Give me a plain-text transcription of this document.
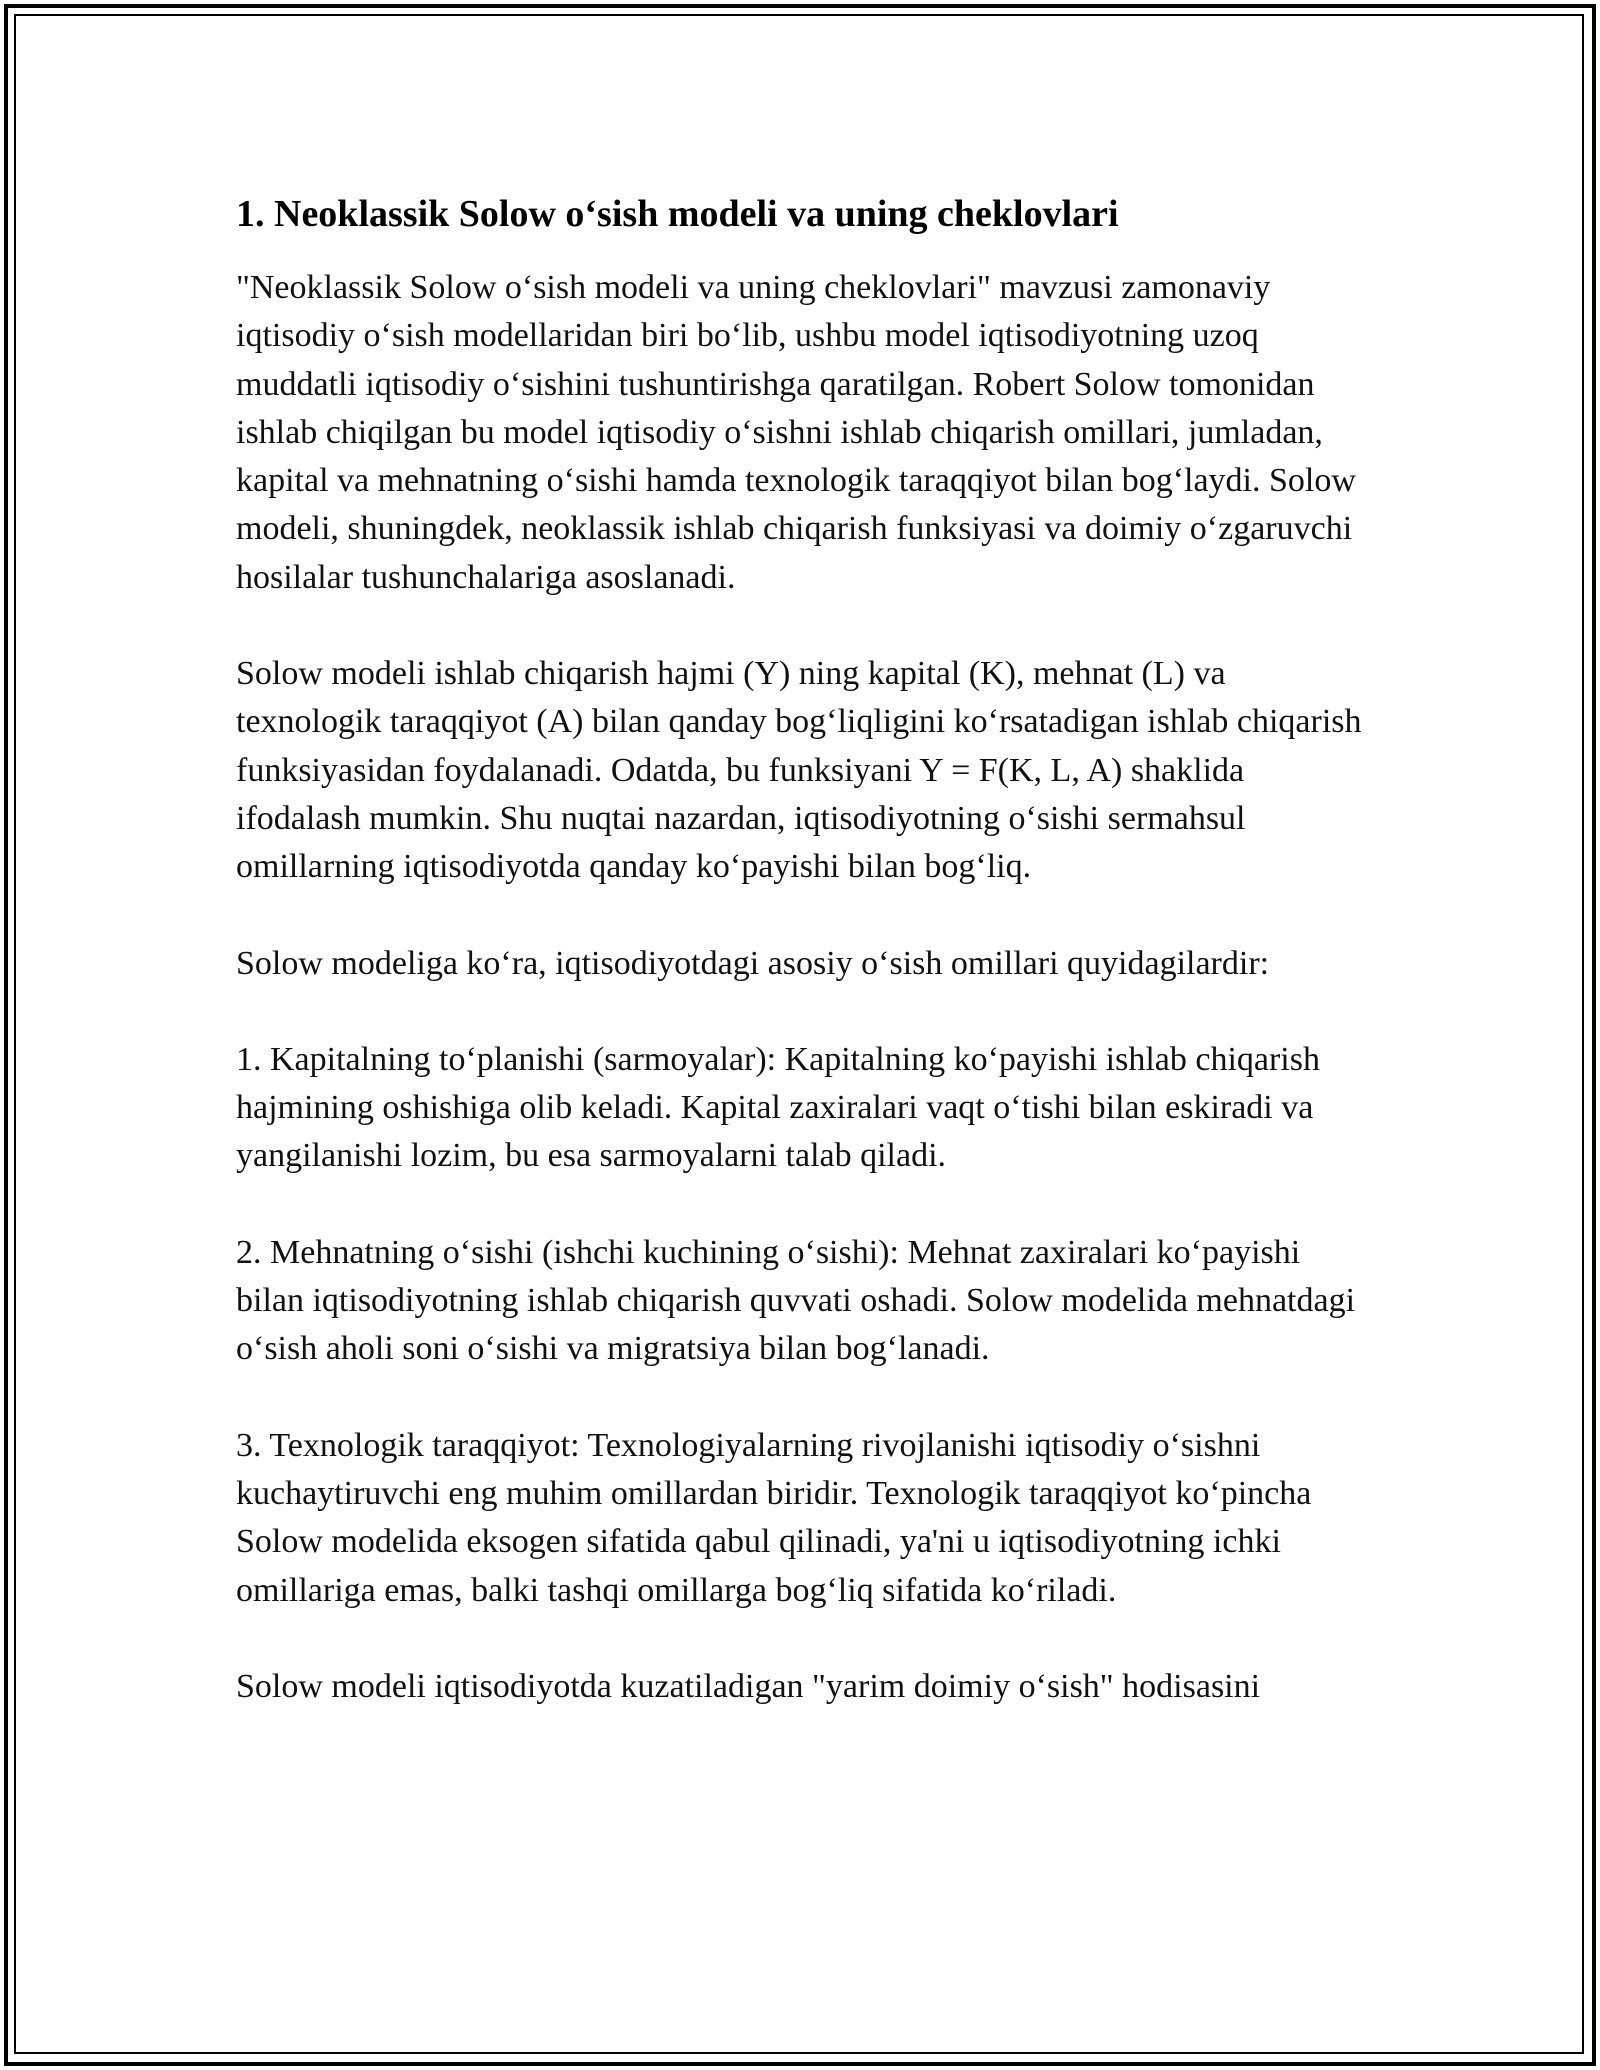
1. Neoklassik Solow o‘sish modeli va uning cheklovlari

"Neoklassik Solow o‘sish modeli va uning cheklovlari" mavzusi zamonaviy iqtisodiy o‘sish modellaridan biri bo‘lib, ushbu model iqtisodiyotning uzoq muddatli iqtisodiy o‘sishini tushuntirishga qaratilgan. Robert Solow tomonidan ishlab chiqilgan bu model iqtisodiy o‘sishni ishlab chiqarish omillari, jumladan, kapital va mehnatning o‘sishi hamda texnologik taraqqiyot bilan bog‘laydi. Solow modeli, shuningdek, neoklassik ishlab chiqarish funksiyasi va doimiy o‘zgaruvchi hosilalar tushunchalariga asoslanadi.

Solow modeli ishlab chiqarish hajmi (Y) ning kapital (K), mehnat (L) va texnologik taraqqiyot (A) bilan qanday bog‘liqligini ko‘rsatadigan ishlab chiqarish funksiyasidan foydalanadi. Odatda, bu funksiyani Y = F(K, L, A) shaklida ifodalash mumkin. Shu nuqtai nazardan, iqtisodiyotning o‘sishi sermahsul omillarning iqtisodiyotda qanday ko‘payishi bilan bog‘liq.

Solow modeliga ko‘ra, iqtisodiyotdagi asosiy o‘sish omillari quyidagilardir:

1. Kapitalning to‘planishi (sarmoyalar): Kapitalning ko‘payishi ishlab chiqarish hajmining oshishiga olib keladi. Kapital zaxiralari vaqt o‘tishi bilan eskiradi va yangilanishi lozim, bu esa sarmoyalarni talab qiladi.

2. Mehnatning o‘sishi (ishchi kuchining o‘sishi): Mehnat zaxiralari ko‘payishi bilan iqtisodiyotning ishlab chiqarish quvvati oshadi. Solow modelida mehnatdagi o‘sish aholi soni o‘sishi va migratsiya bilan bog‘lanadi.

3. Texnologik taraqqiyot: Texnologiyalarning rivojlanishi iqtisodiy o‘sishni kuchaytiruvchi eng muhim omillardan biridir. Texnologik taraqqiyot ko‘pincha Solow modelida eksogen sifatida qabul qilinadi, ya'ni u iqtisodiyotning ichki omillariga emas, balki tashqi omillarga bog‘liq sifatida ko‘riladi.

Solow modeli iqtisodiyotda kuzatiladigan "yarim doimiy o‘sish" hodisasini
